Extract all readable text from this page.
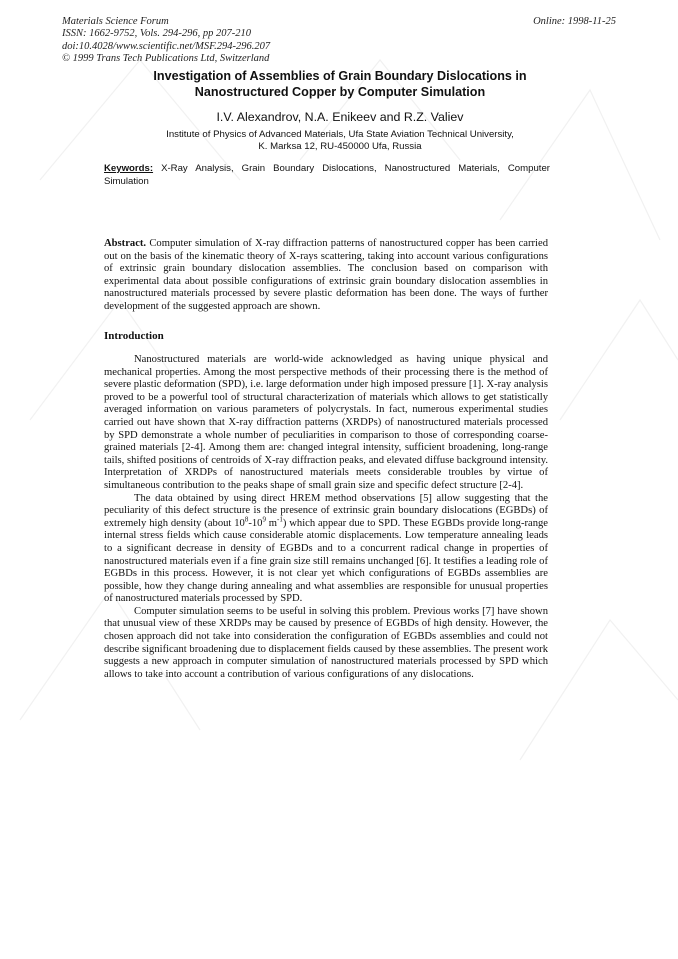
Materials Science Forum
ISSN: 1662-9752, Vols. 294-296, pp 207-210
doi:10.4028/www.scientific.net/MSF.294-296.207
© 1999 Trans Tech Publications Ltd, Switzerland
Online: 1998-11-25
Investigation of Assemblies of Grain Boundary Dislocations in
Nanostructured Copper by Computer Simulation
I.V. Alexandrov, N.A. Enikeev and R.Z. Valiev
Institute of Physics of Advanced Materials, Ufa State Aviation Technical University,
K. Marksa 12, RU-450000 Ufa, Russia
Keywords: X-Ray Analysis, Grain Boundary Dislocations, Nanostructured Materials, Computer Simulation
Abstract. Computer simulation of X-ray diffraction patterns of nanostructured copper has been carried out on the basis of the kinematic theory of X-rays scattering, taking into account various configurations of extrinsic grain boundary dislocation assemblies. The conclusion based on comparison with experimental data about possible configurations of extrinsic grain boundary dislocation assemblies in nanostructured materials processed by severe plastic deformation has been done. The ways of further development of the suggested approach are shown.
Introduction

Nanostructured materials are world-wide acknowledged as having unique physical and mechanical properties. Among the most perspective methods of their processing there is the method of severe plastic deformation (SPD), i.e. large deformation under high imposed pressure [1]. X-ray analysis proved to be a powerful tool of structural characterization of materials which allows to get statistically averaged information on various parameters of polycrystals. In fact, numerous experimental studies carried out have shown that X-ray diffraction patterns (XRDPs) of nanostructured materials processed by SPD demonstrate a whole number of peculiarities in comparison to those of corresponding coarse-grained materials [2-4]. Among them are: changed integral intensity, sufficient broadening, long-range tails, shifted positions of centroids of X-ray diffraction peaks, and elevated diffuse background intensity. Interpretation of XRDPs of nanostructured materials meets considerable troubles by virtue of simultaneous contribution to the peaks shape of small grain size and specific defect structure [2-4].

The data obtained by using direct HREM method observations [5] allow suggesting that the peculiarity of this defect structure is the presence of extrinsic grain boundary dislocations (EGBDs) of extremely high density (about $10^8-10^9$ $m^{-1}$) which appear due to SPD. These EGBDs provide long-range internal stress fields which cause considerable atomic displacements. Low temperature annealing leads to a significant decrease in density of EGBDs and to a concurrent radical change in properties of nanostructured materials even if a fine grain size still remains unchanged [6]. It testifies a leading role of EGBDs in this process. However, it is not clear yet which configurations of EGBDs assemblies are possible, how they change during annealing and what assemblies are responsible for unusual properties of nanostructured materials processed by SPD.

Computer simulation seems to be useful in solving this problem. Previous works [7] have shown that unusual view of these XRDPs may be caused by presence of EGBDs of high density. However, the chosen approach did not take into consideration the configuration of EGBDs assemblies and could not describe significant broadening due to displacement fields caused by these assemblies. The present work suggests a new approach in computer simulation of nanostructured materials processed by SPD which allows to take into account a contribution of various configurations of any dislocations.
